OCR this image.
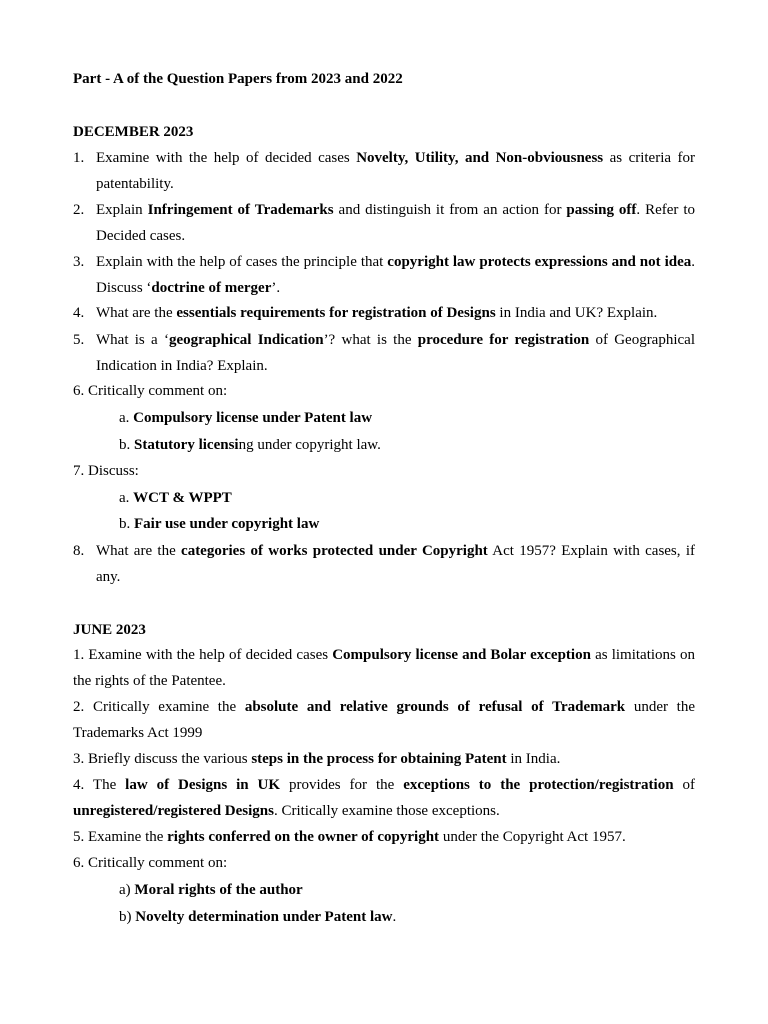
Part - A of the Question Papers from 2023 and 2022
DECEMBER 2023
1. Examine with the help of decided cases Novelty, Utility, and Non-obviousness as criteria for patentability.
2. Explain Infringement of Trademarks and distinguish it from an action for passing off. Refer to Decided cases.
3. Explain with the help of cases the principle that copyright law protects expressions and not idea. Discuss ‘doctrine of merger’.
4. What are the essentials requirements for registration of Designs in India and UK? Explain.
5. What is a ‘geographical Indication’? what is the procedure for registration of Geographical Indication in India? Explain.
6. Critically comment on:
a. Compulsory license under Patent law
b. Statutory licensing under copyright law.
7. Discuss:
a. WCT & WPPT
b. Fair use under copyright law
8. What are the categories of works protected under Copyright Act 1957? Explain with cases, if any.
JUNE 2023
1. Examine with the help of decided cases Compulsory license and Bolar exception as limitations on the rights of the Patentee.
2. Critically examine the absolute and relative grounds of refusal of Trademark under the Trademarks Act 1999
3. Briefly discuss the various steps in the process for obtaining Patent in India.
4. The law of Designs in UK provides for the exceptions to the protection/registration of unregistered/registered Designs. Critically examine those exceptions.
5. Examine the rights conferred on the owner of copyright under the Copyright Act 1957.
6. Critically comment on:
a) Moral rights of the author
b) Novelty determination under Patent law.
